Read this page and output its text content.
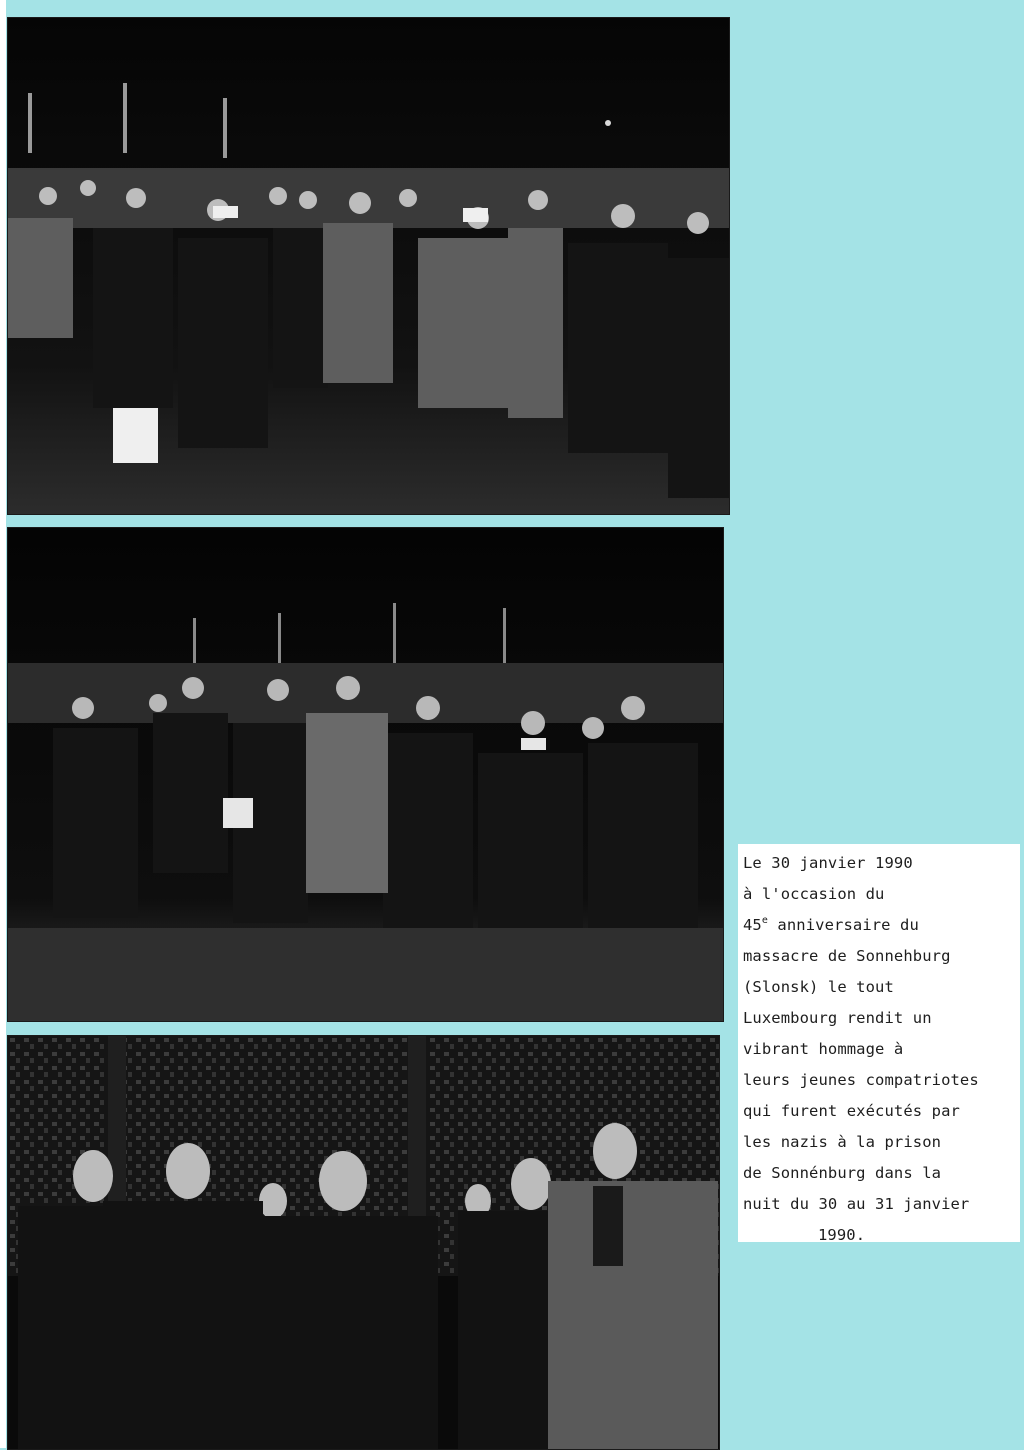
Le 30 janvier 1990
à l'occasion du
45e anniversaire du
massacre de Sonnehburg
(Slonsk) le tout
Luxembourg rendit un
vibrant hommage à
leurs jeunes compatriotes
qui furent exécutés par
les nazis à la prison
de Sonnénburg dans la
nuit du 30 au 31 janvier
1990.
